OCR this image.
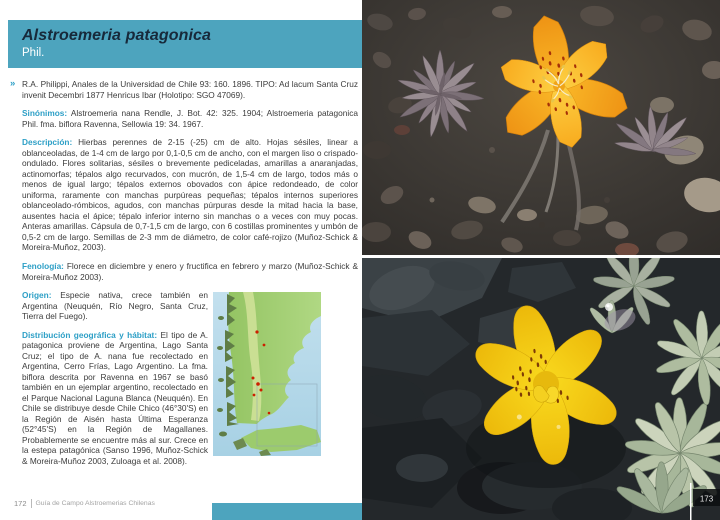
Alstroemeria patagonica
Phil.

» R.A. Philippi, Anales de la Universidad de Chile 93: 160. 1896. TIPO: Ad lacum Santa Cruz invenit Decembri 1877 Henricus Ibar (Holotipo: SGO 47069).

Sinónimos: Alstroemeria nana Rendle, J. Bot. 42: 325. 1904; Alstroemeria patagonica Phil. fma. biflora Ravenna, Sellowia 19: 34. 1967.

Descripción: Hierbas perennes de 2-15 (-25) cm de alto. Hojas sésiles, linear a oblanceoladas, de 1-4 cm de largo por 0,1-0,5 cm de ancho, con el margen liso o crispado-ondulado. Flores solitarias, sésiles o brevemente pediceladas, amarillas a anaranjadas, actinomorfas; tépalos algo recurvados, con mucrón, de 1,5-4 cm de largo, todos más o menos de igual largo; tépalos externos obovados con ápice redondeado, de color uniforma, raramente con manchas purpúreas pequeñas; tépalos internos superiores oblanceolado-rómbicos, agudos, con manchas púrpuras desde la mitad hacia la base, ausentes hacia el ápice; tépalo inferior interno sin manchas o a veces con muy pocas. Anteras amarillas. Cápsula de 0,7-1,5 cm de largo, con 6 costillas prominentes y umbón de 0,5-2 cm de largo. Semillas de 2-3 mm de diámetro, de color café-rojizo (Muñoz-Schick & Moreira-Muñoz, 2003).

Fenología: Florece en diciembre y enero y fructifica en febrero y marzo (Muñoz-Schick & Moreira-Muñoz 2003).

Origen: Especie nativa, crece también en Argentina (Neuquén, Río Negro, Santa Cruz, Tierra del Fuego).

Distribución geográfica y hábitat: El tipo de A. patagonica proviene de Argentina, Lago Santa Cruz; el tipo de A. nana fue recolectado en Argentina, Cerro Frías, Lago Argentino. La fma. biflora descrita por Ravenna en 1967 se basó también en un ejemplar argentino, recolectado en el Parque Nacional Laguna Blanca (Neuquén). En Chile se distribuye desde Chile Chico (46°30'S) en la Región de Aisén hasta Última Esperanza (52°45'S) en la Región de Magallanes. Probablemente se encuentre más al sur. Crece en la estepa patagónica (Sanso 1996, Muñoz-Schick & Moreira-Muñoz 2003, Zuloaga et al. 2008).

172 Guía de Campo Alstroemerias Chilenas	173
